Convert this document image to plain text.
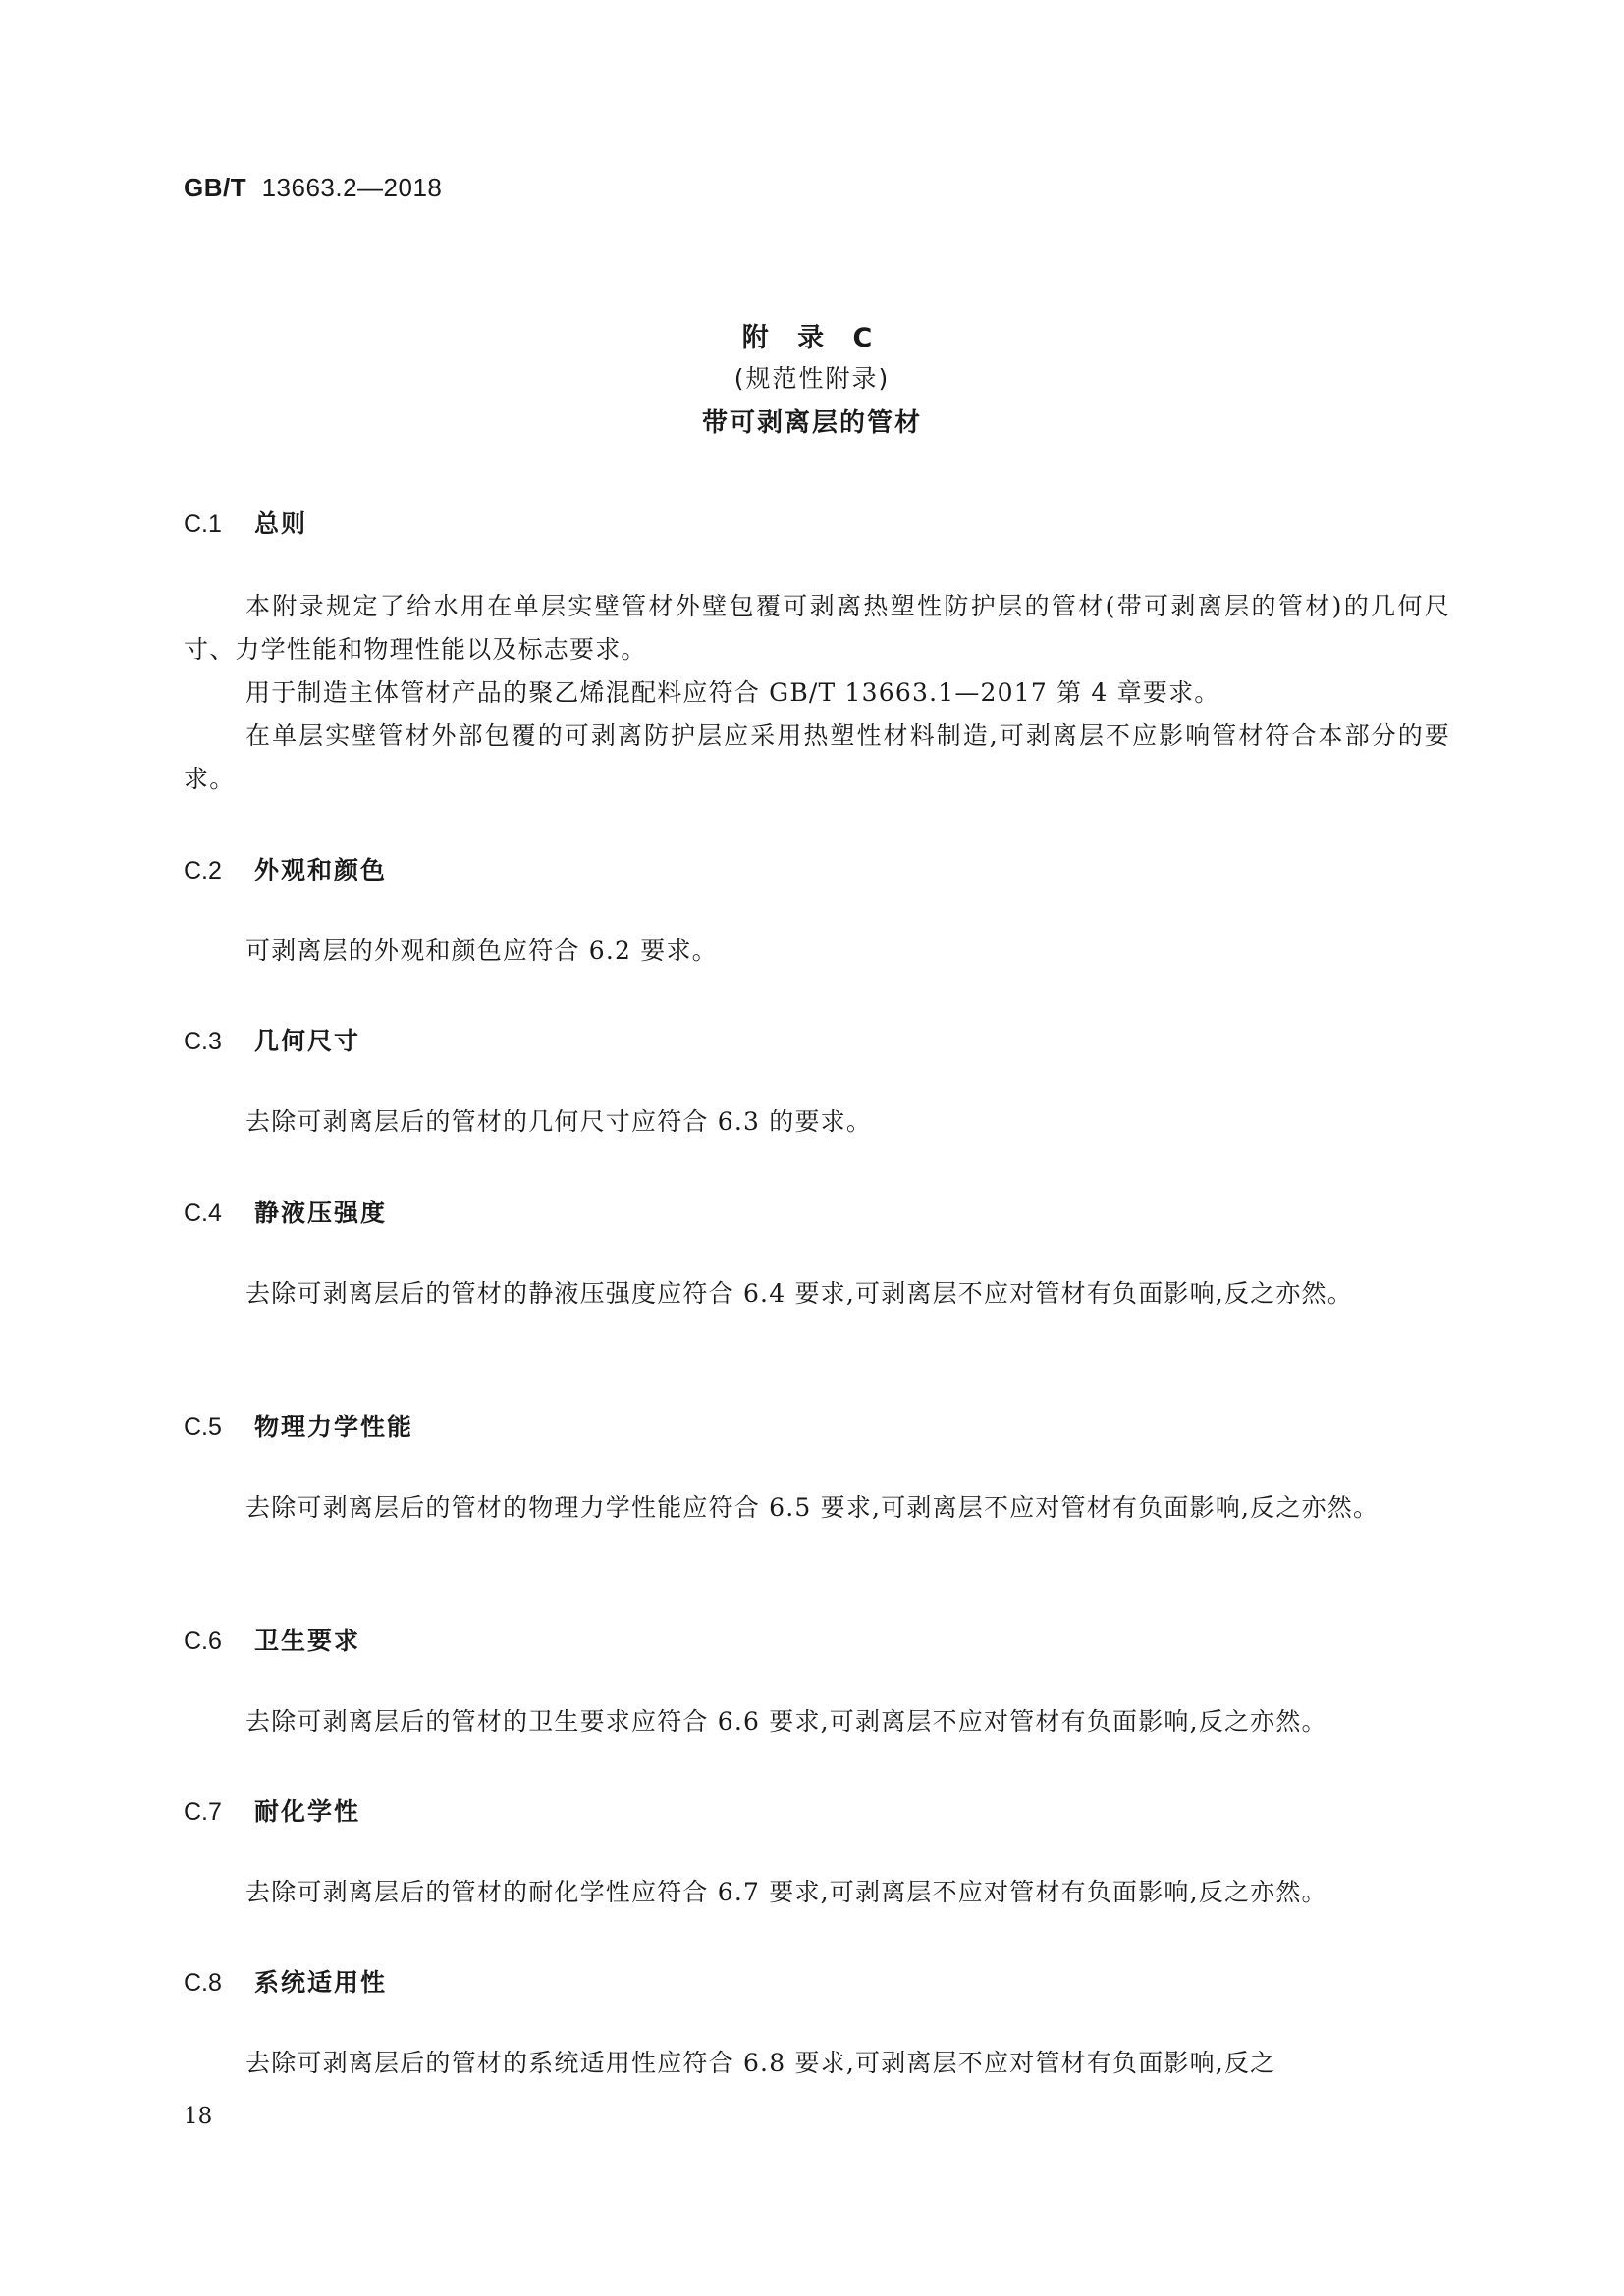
GB/T 13663.2—2018
附 录 C
(规范性附录)
带可剥离层的管材
C.1 总则

本附录规定了给水用在单层实壁管材外壁包覆可剥离热塑性防护层的管材(带可剥离层的管材)的几何尺寸、力学性能和物理性能以及标志要求。

用于制造主体管材产品的聚乙烯混配料应符合 GB/T 13663.1—2017 第 4 章要求。

在单层实壁管材外部包覆的可剥离防护层应采用热塑性材料制造,可剥离层不应影响管材符合本部分的要求。

C.2 外观和颜色

可剥离层的外观和颜色应符合 6.2 要求。

C.3 几何尺寸

去除可剥离层后的管材的几何尺寸应符合 6.3 的要求。

C.4 静液压强度

去除可剥离层后的管材的静液压强度应符合 6.4 要求,可剥离层不应对管材有负面影响,反之亦然。

C.5 物理力学性能

去除可剥离层后的管材的物理力学性能应符合 6.5 要求,可剥离层不应对管材有负面影响,反之亦然。

C.6 卫生要求

去除可剥离层后的管材的卫生要求应符合 6.6 要求,可剥离层不应对管材有负面影响,反之亦然。

C.7 耐化学性

去除可剥离层后的管材的耐化学性应符合 6.7 要求,可剥离层不应对管材有负面影响,反之亦然。

C.8 系统适用性

去除可剥离层后的管材的系统适用性应符合 6.8 要求,可剥离层不应对管材有负面影响,反之

18
